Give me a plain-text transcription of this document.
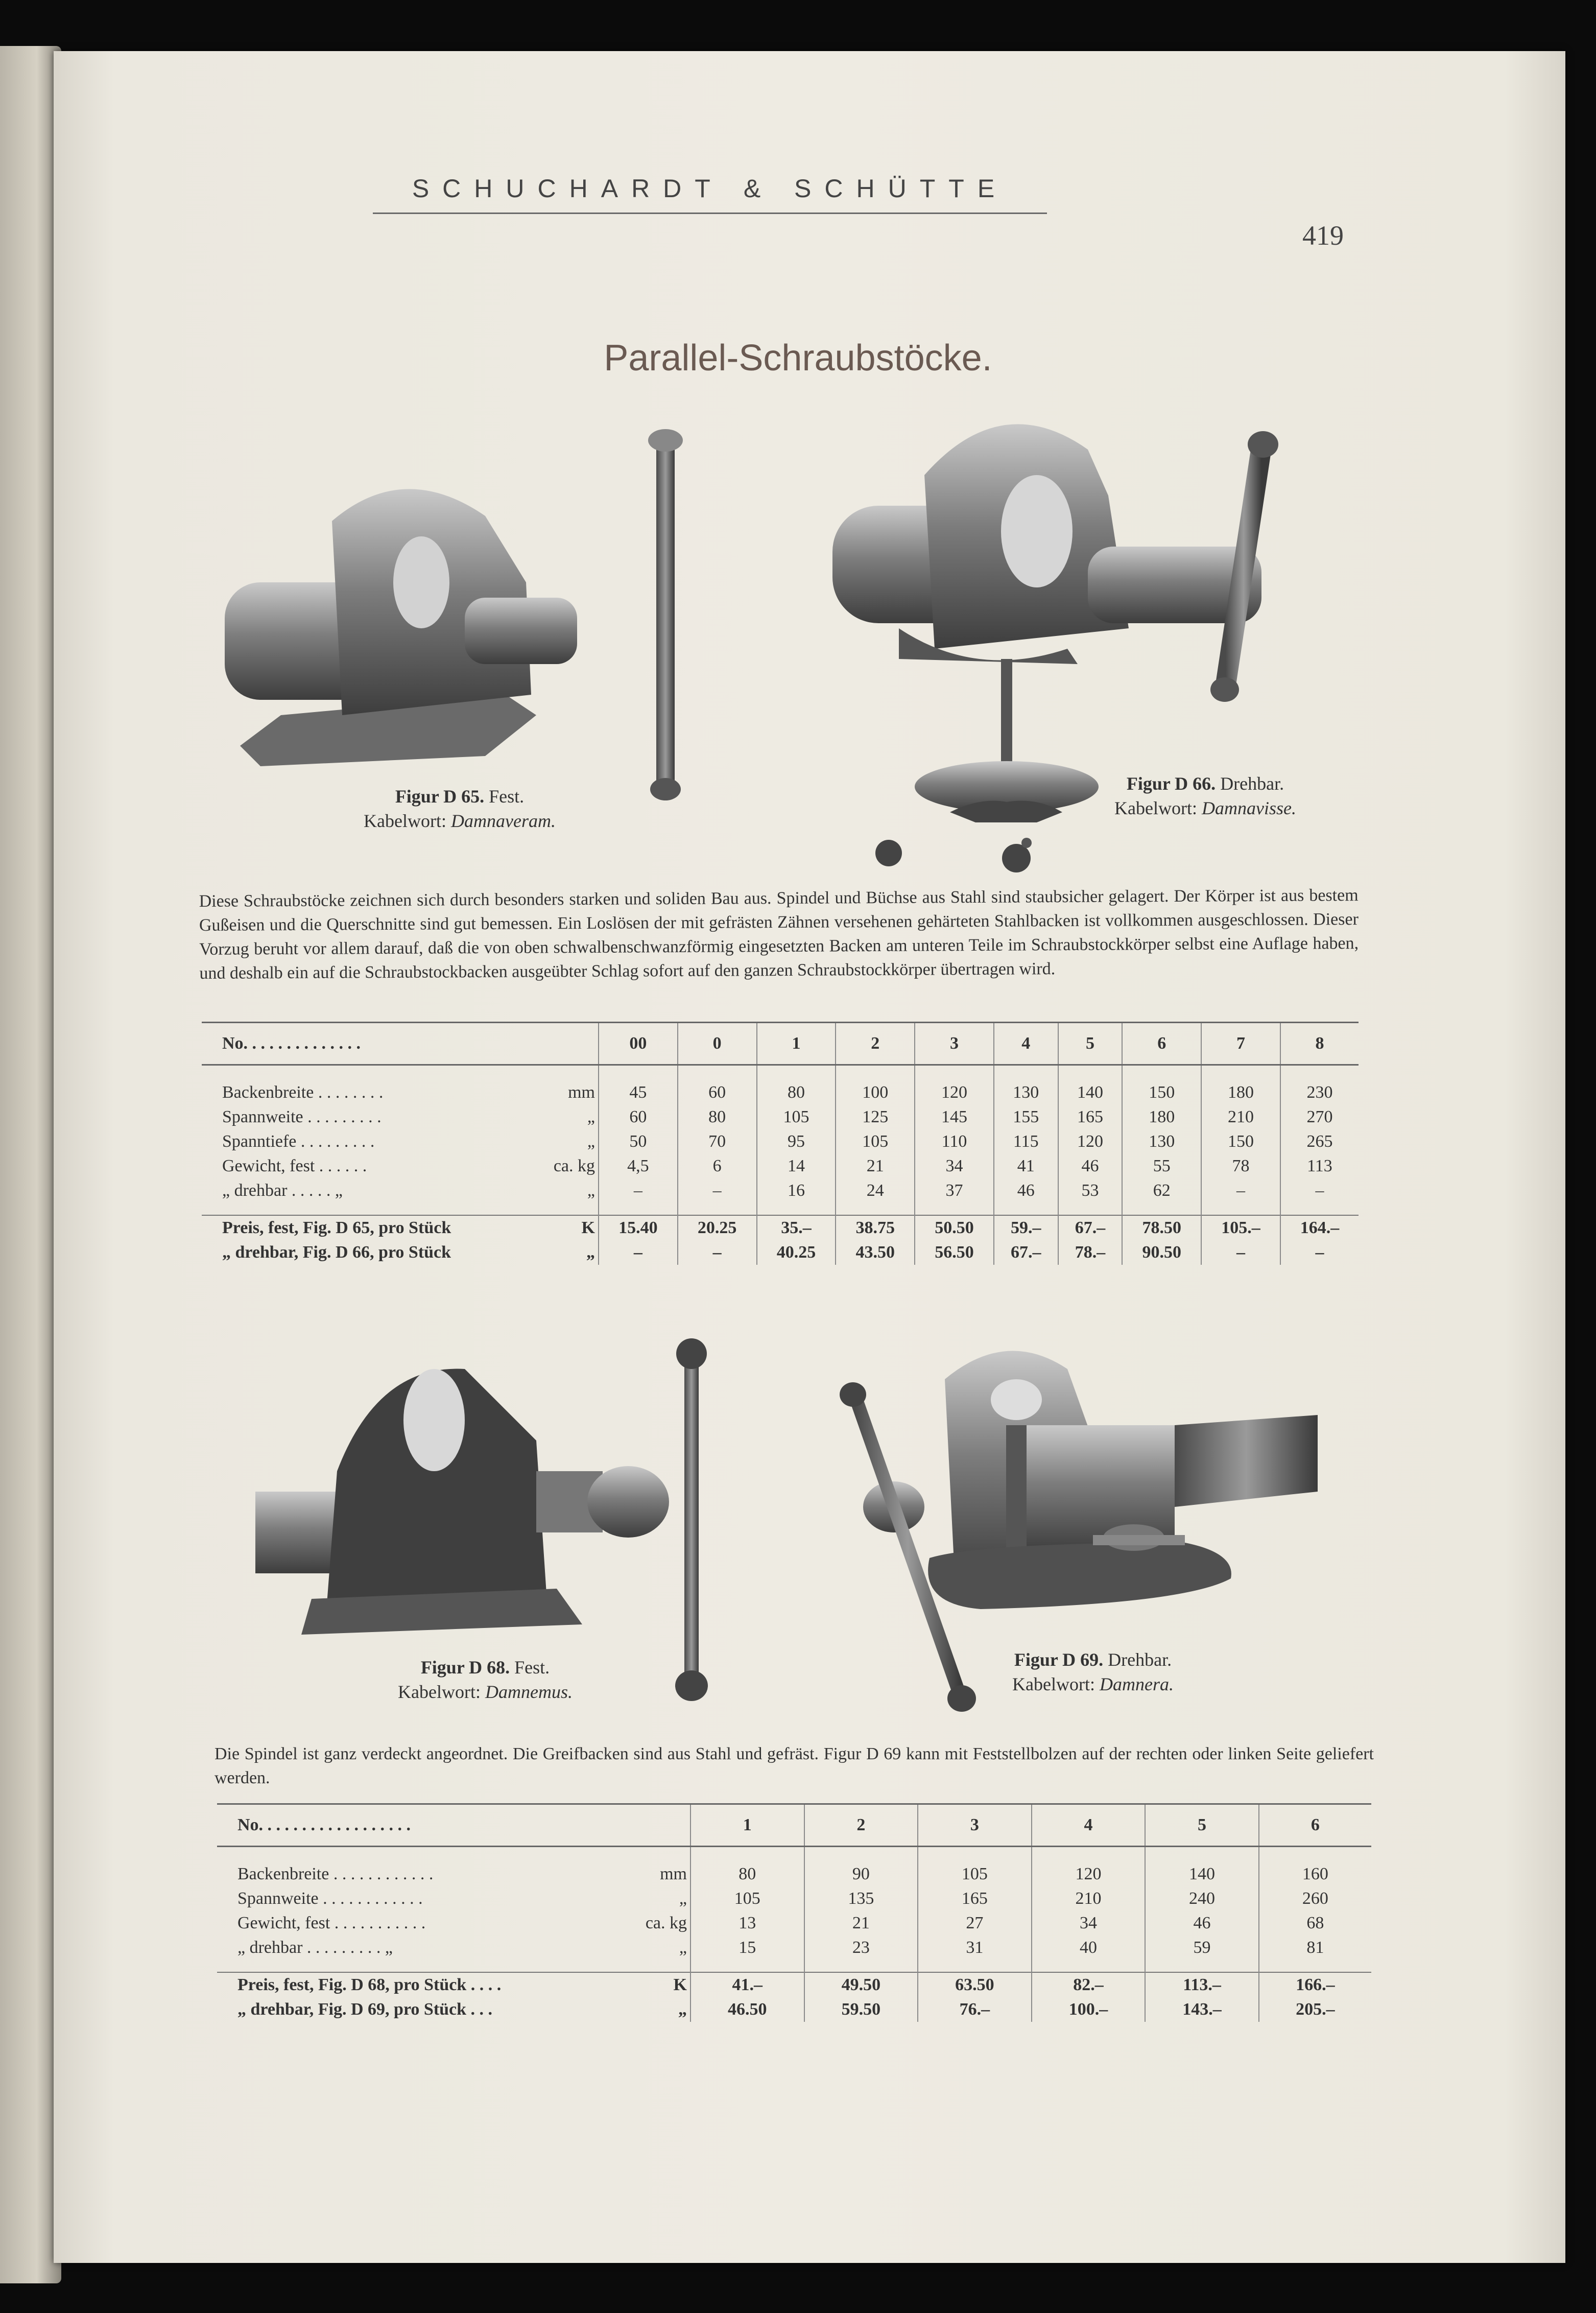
SCHUCHARDT & SCHÜTTE
419
Parallel-Schraubstöcke.
Figur D 65. Fest.
Kabelwort: Damnaveram.
Figur D 66. Drehbar.
Kabelwort: Damnavisse.
Diese Schraubstöcke zeichnen sich durch besonders starken und soliden Bau aus. Spindel und Büchse aus Stahl sind staubsicher gelagert. Der Körper ist aus bestem Gußeisen und die Querschnitte sind gut bemessen. Ein Loslösen der mit gefrästen Zähnen versehenen gehärteten Stahlbacken ist vollkommen ausgeschlossen. Dieser Vorzug beruht vor allem darauf, daß die von oben schwalbenschwanzförmig eingesetzten Backen am unteren Teile im Schraubstockkörper selbst eine Auflage haben, und deshalb ein auf die Schraubstockbacken ausgeübter Schlag sofort auf den ganzen Schraubstockkörper übertragen wird.
No. . . . . . . . . . . . . .	00	0	1	2	3	4	5	6	7	8

Backenbreite . . . . . . . . mm	45	60	80	100	120	130	140	150	180	230

Spannweite . . . . . . . . . „	60	80	105	125	145	155	165	180	210	270

Spanntiefe . . . . . . . . . „	50	70	95	105	110	115	120	130	150	265

Gewicht, fest . . . . . . ca. kg	4,5	6	14	21	34	41	46	55	78	113

„ drehbar . . . . . „ „	–	–	16	24	37	46	53	62	–	–

Preis, fest, Fig. D 65, pro Stück K	15.40	20.25	35.–	38.75	50.50	59.–	67.–	78.50	105.–	164.–

„ drehbar, Fig. D 66, pro Stück „	–	–	40.25	43.50	56.50	67.–	78.–	90.50	–	–
Figur D 68. Fest.
Kabelwort: Damnemus.
Figur D 69. Drehbar.
Kabelwort: Damnera.
Die Spindel ist ganz verdeckt angeordnet. Die Greifbacken sind aus Stahl und gefräst. Figur D 69 kann mit Feststellbolzen auf der rechten oder linken Seite geliefert werden.
No. . . . . . . . . . . . . . . . . .	1	2	3	4	5	6

Backenbreite . . . . . . . . . . . . mm	80	90	105	120	140	160

Spannweite . . . . . . . . . . . . „	105	135	165	210	240	260

Gewicht, fest . . . . . . . . . . . ca. kg	13	21	27	34	46	68

„ drehbar . . . . . . . . . „ „	15	23	31	40	59	81

Preis, fest, Fig. D 68, pro Stück . . . . K	41.–	49.50	63.50	82.–	113.–	166.–

„ drehbar, Fig. D 69, pro Stück . . . „	46.50	59.50	76.–	100.–	143.–	205.–
